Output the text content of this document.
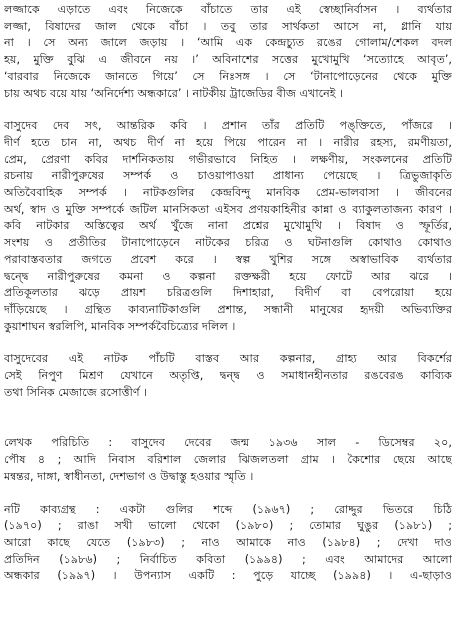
লজ্জাকে এড়াতে এবং নিজেকে বাঁচাতে তার এই স্বেচ্ছানির্বাসন । ব্যর্থতার
লজ্জা, বিষাদের জাল থেকে বাঁচা । তবু তার সার্থকতা আসে না, গ্লানি যায়
না । সে অন্য জালে জড়ায় । ‘আমি এক কেন্দ্রচ্যুত রঙের গোলাম/শেকল বদল
হয়, মুক্তি বুঝি এ জীবনে নয় ।’ অবিনাশের সত্তের মুখোমুখি ‘সত্যোহে আবৃত’,
‘বারবার নিজেকে জানতে গিয়ে’ সে নিঃসঙ্গ । সে ‘টানাপোড়েনের থেকে মুক্তি
চায় অথচ বয়ে যায় ‘অনির্দেশ্য অন্ধকারে’ । নাটকীয় ট্রাজেডির বীজ এখানেই ।

বাসুদেব দেব সৎ, আন্তরিক কবি । প্রশান তাঁর প্রতিটি পঙ্‌ক্তিতে, পাঁজরে ।
দীর্ণ হতে চান না, অথচ দীর্ণ না হয়ে পিয়ে পারেন না । নারীর রহস্য, রমণীয়তা,
প্রেম, প্রেরণা কবির দার্শনিকতায় গভীরভাবে নিহিত । লক্ষণীয়, সংকলনের প্রতিটি
রচনায় নারীপুরুষের সম্পর্ক ও চাওয়াপাওয়া প্রাধান্য পেয়েছে । ত্রিভুজাকৃতি
অতিবৈবাহিক সম্পর্ক । নাটকগুলির কেন্দ্রবিন্দু মানবিক প্রেম-ভালবাসা । জীবনের
অর্থ, স্বাদ ও মুক্তি সম্পর্কে জটিল মানসিকতা এইসব প্রণয়কাহিনীর কান্না ও ব্যাকুলতাজন্য কারণ ।
কবি নাটকার অস্তিত্বের অর্থ খুঁজে নানা প্রশ্নের মুখোমুখি । বিষাদ ও স্ফূর্তির,
সংশয় ও প্রতীতির টানাপোড়েনে নাটকের চরিত্র ও ঘটনাগুলি কোথাও কোথাও
পরাবাস্তবতার জগতে প্রবেশ করে । স্বল্প খুশির সঙ্গে অস্বাভাবিক ব্যর্থতার
দ্বন্দ্বে নারীপুরুষের কমনা ও কল্পনা রক্তক্ষরী হয়ে ফোটে আর ঝরে ।
প্রতিকূলতার ঝড়ে প্রায়শ চরিত্রগুলি দিশাহারা, বিদীর্ণ বা বেপরোয়া হয়ে
দাঁড়িয়েছে । গ্রন্থিত কাব্যনাটিকাগুলি প্রশান্ত, সন্ধানী মানুষের হৃদয়ী অভিব্যক্তির
কুয়াশাঘন স্বরলিপি, মানবিক সম্পর্কবৈচিত্র্যের দলিল ।

বাসুদেবের এই নাটক পাঁচটি বাস্তব আর কল্পনার, গ্রাহ্য আর বিকর্শের
সেই নিপুণ মিশ্রণ যেখানে অতৃপ্তি, দ্বন্দ্ব ও সমাধানহীনতার রঙবেরঙ কাব্যিক
তথা সিনিক মেজাজে রসোত্তীর্ণ ।

লেখক পরিচিতি : বাসুদেব দেবের জন্ম ১৯৩৬ সাল - ডিসেম্বর ২০,
পৌষ ৪ ; আদি নিবাস বরিশাল জেলার ঝিজলতলা গ্রাম । কৈশোর ছেয়ে আছে
মন্বন্তর, দাঙ্গা, স্বাধীনতা, দেশভাগ ও উদ্বাস্তু হওয়ার স্মৃতি ।

নটি কাব্যগ্রন্থ : একটা গুলির শব্দে (১৯৬৭) ; রোদ্দুর ভিতরে চিঠি
(১৯৭০) ; রাঙা সখী ভালো থেকো (১৯৮০) ; তোমার ঘুঙুর (১৯৮১) ;
আরো কাছে যেতে (১৯৮৩) ; নাও আমাকে নাও (১৯৮৪) ; দেখা দাও
প্রতিদিন (১৯৮৬) ; নির্বাচিত কবিতা (১৯৯৪) ; এবং আমাদের আলো
অন্ধকার (১৯৯৭) । উপন্যাস একটি : পুড়ে যাচ্ছে (১৯৯৪) । এ-ছাড়াও
